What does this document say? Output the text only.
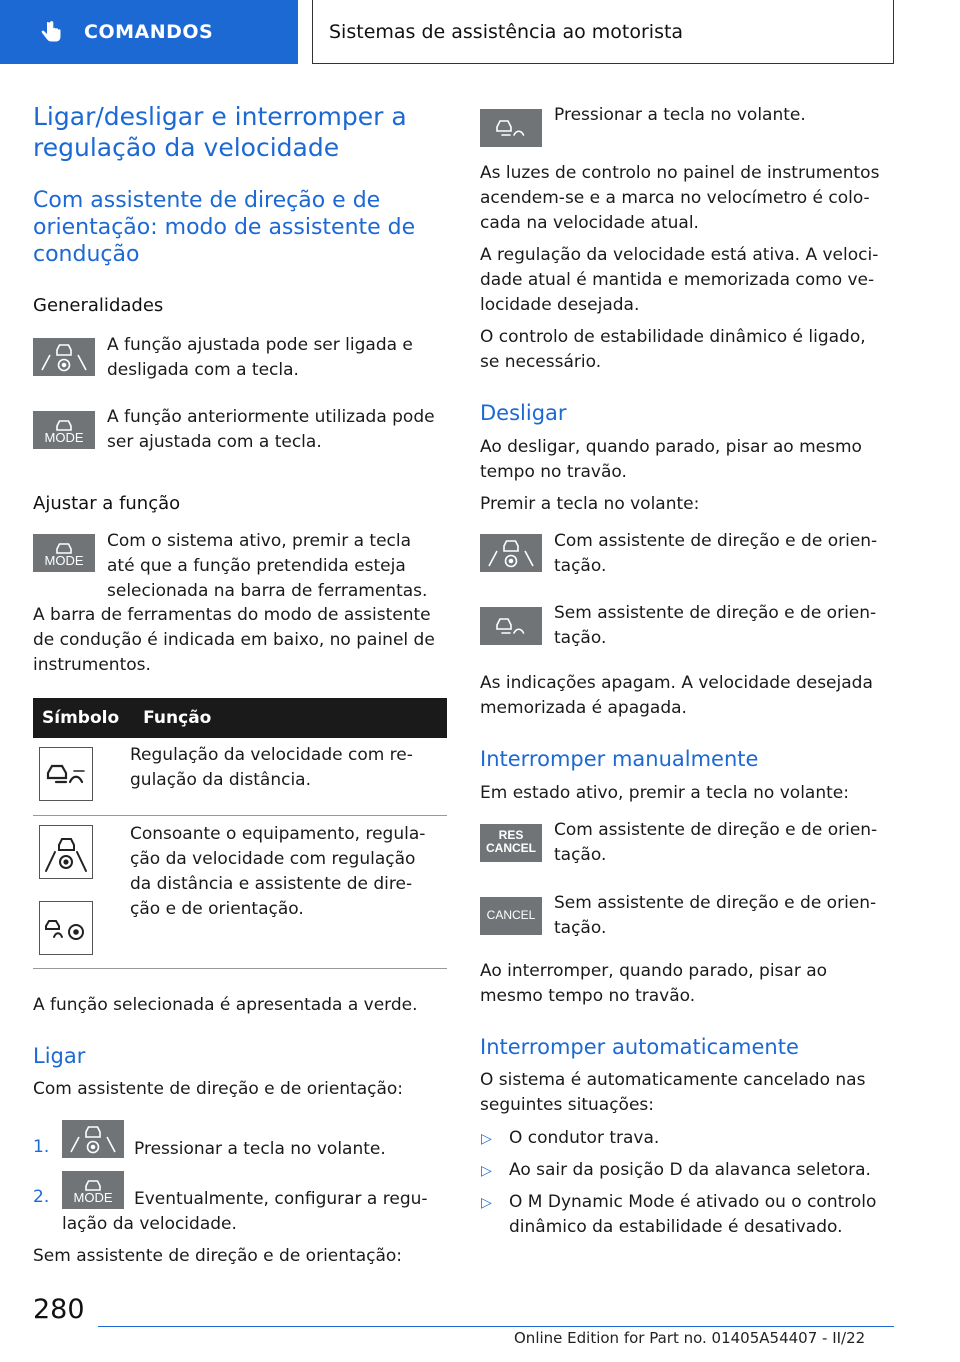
COMANDOS	Sistemas de assistência ao motorista
Ligar/desligar e interromper a
regulação da velocidade
Com assistente de direção e de
orientação: modo de assistente de
condução
Generalidades

A função ajustada pode ser ligada e

desligada com a tecla.

MODE

A função anteriormente utilizada pode

ser ajustada com a tecla.

Ajustar a função
MODE

Com o sistema ativo, premir a tecla

até que a função pretendida esteja

selecionada na barra de ferramentas.

A barra de ferramentas do modo de assistente

de condução é indicada em baixo, no painel de

instrumentos.

Símbolo Função

Regulação da velocidade com re-

gulação da distância.

Consoante o equipamento, regula-

ção da velocidade com regulação

da distância e assistente de dire-

ção e de orientação.

A função selecionada é apresentada a verde.

Ligar

Com assistente de direção e de orientação:

1.	Pressionar a tecla no volante.

2.	MODE	Eventualmente, configurar a regu-

lação da velocidade.

Sem assistente de direção e de orientação:

Pressionar a tecla no volante.

As luzes de controlo no painel de instrumentos

acendem-se e a marca no velocímetro é colo-

cada na velocidade atual.

A regulação da velocidade está ativa. A veloci-

dade atual é mantida e memorizada como ve-

locidade desejada.

O controlo de estabilidade dinâmico é ligado,

se necessário.

Desligar

Ao desligar, quando parado, pisar ao mesmo

tempo no travão.

Premir a tecla no volante:

Com assistente de direção e de orien-

tação.

Sem assistente de direção e de orien-

tação.

As indicações apagam. A velocidade desejada

memorizada é apagada.

Interromper manualmente

Em estado ativo, premir a tecla no volante:

RES
CANCEL

Com assistente de direção e de orien-

tação.

CANCEL

Sem assistente de direção e de orien-

tação.

Ao interromper, quando parado, pisar ao

mesmo tempo no travão.

Interromper automaticamente

O sistema é automaticamente cancelado nas

seguintes situações:

▷ O condutor trava.

▷ Ao sair da posição D da alavanca seletora.

▷ O M Dynamic Mode é ativado ou o controlo

dinâmico da estabilidade é desativado.

280
Online Edition for Part no. 01405A54407 - II/22
